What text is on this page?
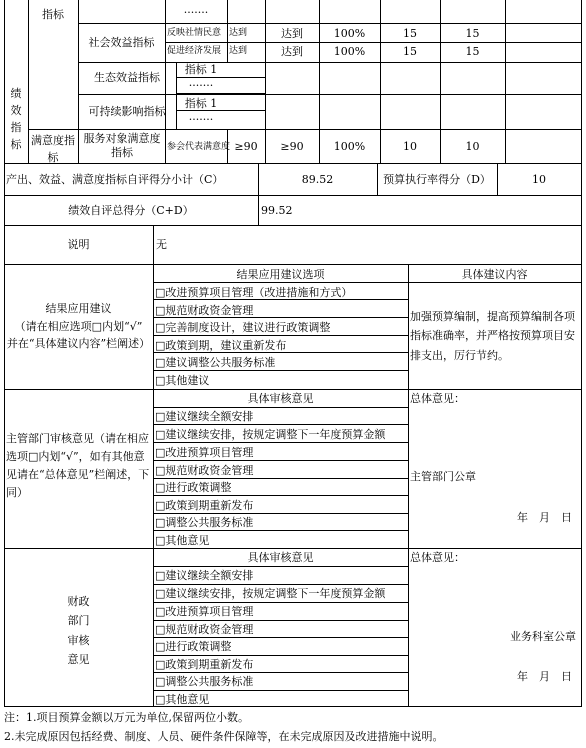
绩
效
指
标
指标	·······
社会效益指标
反映社情民意 达到	达到	100%	15	15
促进经济发展 达到	达到	100%	15	15
生态效益指标
指标 1
·······
可持续影响指标
指标 1
·······
满意度指标
服务对象满意度指标	参会代表满意度 ≥90	≥90	100%	10	10
产出、效益、满意度指标自评得分小计（C）	89.52	预算执行率得分（D）	10
绩效自评总得分（C+D）	99.52
说明	无
结果应用建议
（请在相应选项□内划“√”
并在“具体建议内容”栏阐述）
结果应用建议选项	具体建议内容
□改进预算项目管理（改进措施和方式）
□规范财政资金管理
□完善制度设计，建议进行政策调整
□政策到期，建议重新发布
□建议调整公共服务标准
□其他建议
加强预算编制，提高预算编制各项指标准确率，并严格按预算项目安排支出，厉行节约。
主管部门审核意见（请在相应选项□内划“√”，如有其他意见请在“总体意见”栏阐述，下同）
具体审核意见
□建议继续全额安排
□建议继续安排，按规定调整下一年度预算金额
□改进预算项目管理
□规范财政资金管理
□进行政策调整
□政策到期重新发布
□调整公共服务标准
□其他意见
总体意见：
主管部门公章
年　月　日
财政
部门
审核
意见
具体审核意见
□建议继续全额安排
□建议继续安排，按规定调整下一年度预算金额
□改进预算项目管理
□规范财政资金管理
□进行政策调整
□政策到期重新发布
□调整公共服务标准
□其他意见
总体意见：
业务科室公章
年　月　日
注：1.项目预算金额以万元为单位,保留两位小数。
2.未完成原因包括经费、制度、人员、硬件条件保障等，在未完成原因及改进措施中说明。
